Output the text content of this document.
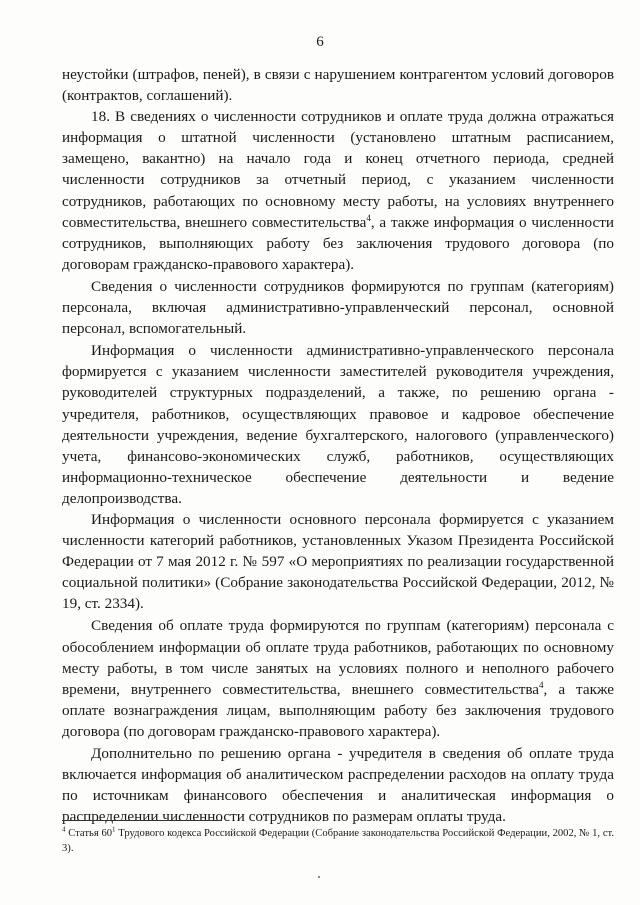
6

неустойки (штрафов, пеней), в связи с нарушением контрагентом условий договоров (контрактов, соглашений).

18. В сведениях о численности сотрудников и оплате труда должна отражаться информация о штатной численности (установлено штатным расписанием, замещено, вакантно) на начало года и конец отчетного периода, средней численности сотрудников за отчетный период, с указанием численности сотрудников, работающих по основному месту работы, на условиях внутреннего совместительства, внешнего совместительства$^4$, а также информация о численности сотрудников, выполняющих работу без заключения трудового договора (по договорам гражданско-правового характера).

Сведения о численности сотрудников формируются по группам (категориям) персонала, включая административно-управленческий персонал, основной персонал, вспомогательный.

Информация о численности административно-управленческого персонала формируется с указанием численности заместителей руководителя учреждения, руководителей структурных подразделений, а также, по решению органа - учредителя, работников, осуществляющих правовое и кадровое обеспечение деятельности учреждения, ведение бухгалтерского, налогового (управленческого) учета, финансово-экономических служб, работников, осуществляющих информационно-техническое обеспечение деятельности и ведение делопроизводства.

Информация о численности основного персонала формируется с указанием численности категорий работников, установленных Указом Президента Российской Федерации от 7 мая 2012 г. № 597 «О мероприятиях по реализации государственной социальной политики» (Собрание законодательства Российской Федерации, 2012, № 19, ст. 2334).

Сведения об оплате труда формируются по группам (категориям) персонала с обособлением информации об оплате труда работников, работающих по основному месту работы, в том числе занятых на условиях полного и неполного рабочего времени, внутреннего совместительства, внешнего совместительства$^4$, а также оплате вознаграждения лицам, выполняющим работу без заключения трудового договора (по договорам гражданско-правового характера).

Дополнительно по решению органа - учредителя в сведения об оплате труда включается информация об аналитическом распределении расходов на оплату труда по источникам финансового обеспечения и аналитическая информация о распределении численности сотрудников по размерам оплаты труда.

$^4$ Статья $60^1$ Трудового кодекса Российской Федерации (Собрание законодательства Российской Федерации, 2002, № 1, ст. 3).
